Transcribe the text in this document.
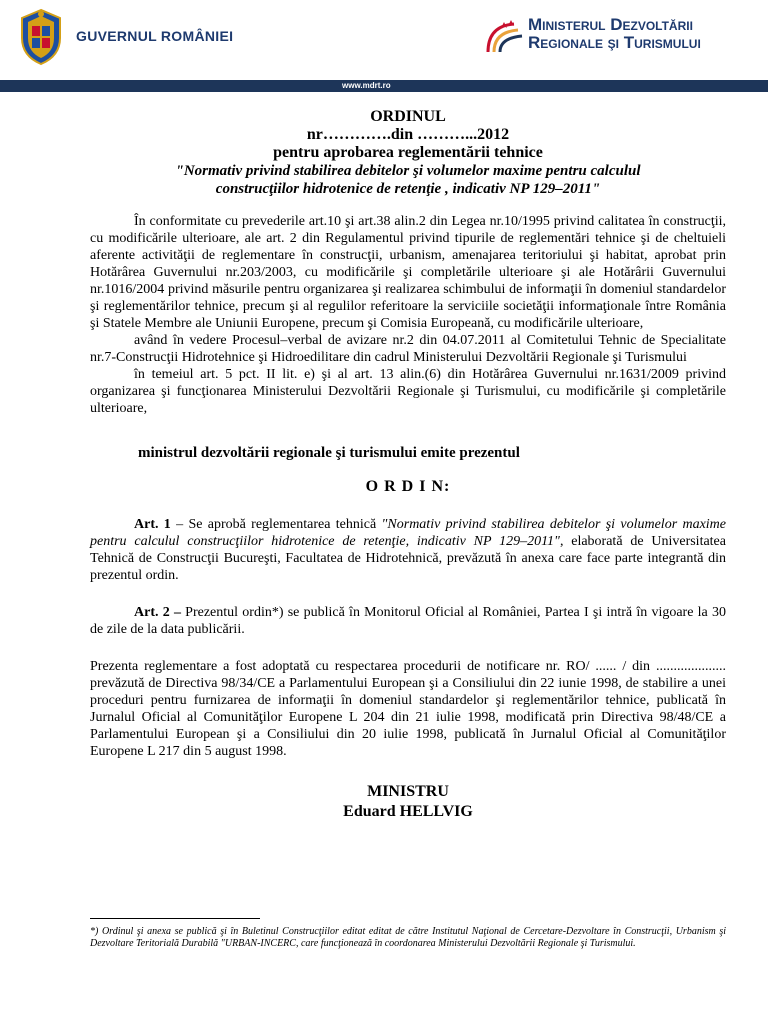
GUVERNUL ROMÂNIEI
Ministerul Dezvoltării
Regionale şi Turismului
www.mdrt.ro
ORDINUL
nr………….din ………...2012
pentru aprobarea reglementării tehnice
"Normativ privind stabilirea debitelor şi volumelor maxime pentru calculul
construcţiilor hidrotenice de retenţie , indicativ NP 129–2011"

În conformitate cu prevederile art.10 şi art.38 alin.2 din Legea nr.10/1995 privind calitatea în construcţii, cu modificările ulterioare, ale art. 2 din Regulamentul privind tipurile de reglementări tehnice şi de cheltuieli aferente activităţii de reglementare în construcţii, urbanism, amenajarea teritoriului şi habitat, aprobat prin Hotărârea Guvernului nr.203/2003, cu modificările şi completările ulterioare şi ale Hotărârii Guvernului nr.1016/2004 privind măsurile pentru organizarea şi realizarea schimbului de informaţii în domeniul standardelor şi reglementărilor tehnice, precum şi al regulilor referitoare la serviciile societăţii informaţionale între România şi Statele Membre ale Uniunii Europene, precum şi Comisia Europeană, cu modificările ulterioare,

având în vedere Procesul–verbal de avizare nr.2 din 04.07.2011 al Comitetului Tehnic de Specialitate nr.7-Construcţii Hidrotehnice şi Hidroedilitare din cadrul Ministerului Dezvoltării Regionale şi Turismului

în temeiul art. 5 pct. II lit. e) şi al art. 13 alin.(6) din Hotărârea Guvernului nr.1631/2009 privind organizarea şi funcţionarea Ministerului Dezvoltării Regionale şi Turismului, cu modificările şi completările ulterioare,

ministrul dezvoltării regionale şi turismului emite prezentul
O R D I N:

Art. 1 – Se aprobă reglementarea tehnică "Normativ privind stabilirea debitelor şi volumelor maxime pentru calculul construcţiilor hidrotenice de retenţie, indicativ NP 129–2011", elaborată de Universitatea Tehnică de Construcţii Bucureşti, Facultatea de Hidrotehnică, prevăzută în anexa care face parte integrantă din prezentul ordin.

Art. 2 – Prezentul ordin*) se publică în Monitorul Oficial al României, Partea I şi intră în vigoare la 30 de zile de la data publicării.

Prezenta reglementare a fost adoptată cu respectarea procedurii de notificare nr. RO/ ...... / din .................... prevăzută de Directiva 98/34/CE a Parlamentului European şi a Consiliului din 22 iunie 1998, de stabilire a unei proceduri pentru furnizarea de informaţii în domeniul standardelor şi reglementărilor tehnice, publicată în Jurnalul Oficial al Comunităţilor Europene L 204 din 21 iulie 1998, modificată prin Directiva 98/48/CE a Parlamentului European şi a Consiliului din 20 iulie 1998, publicată în Jurnalul Oficial al Comunităţilor Europene L 217 din 5 august 1998.

MINISTRU
Eduard HELLVIG
*) Ordinul şi anexa se publică şi în Buletinul Construcţiilor editat editat de către Institutul Naţional de Cercetare-Dezvoltare în Construcţii, Urbanism şi Dezvoltare Teritorială Durabilă "URBAN-INCERC, care funcţionează în coordonarea Ministerului Dezvoltării Regionale şi Turismului.
